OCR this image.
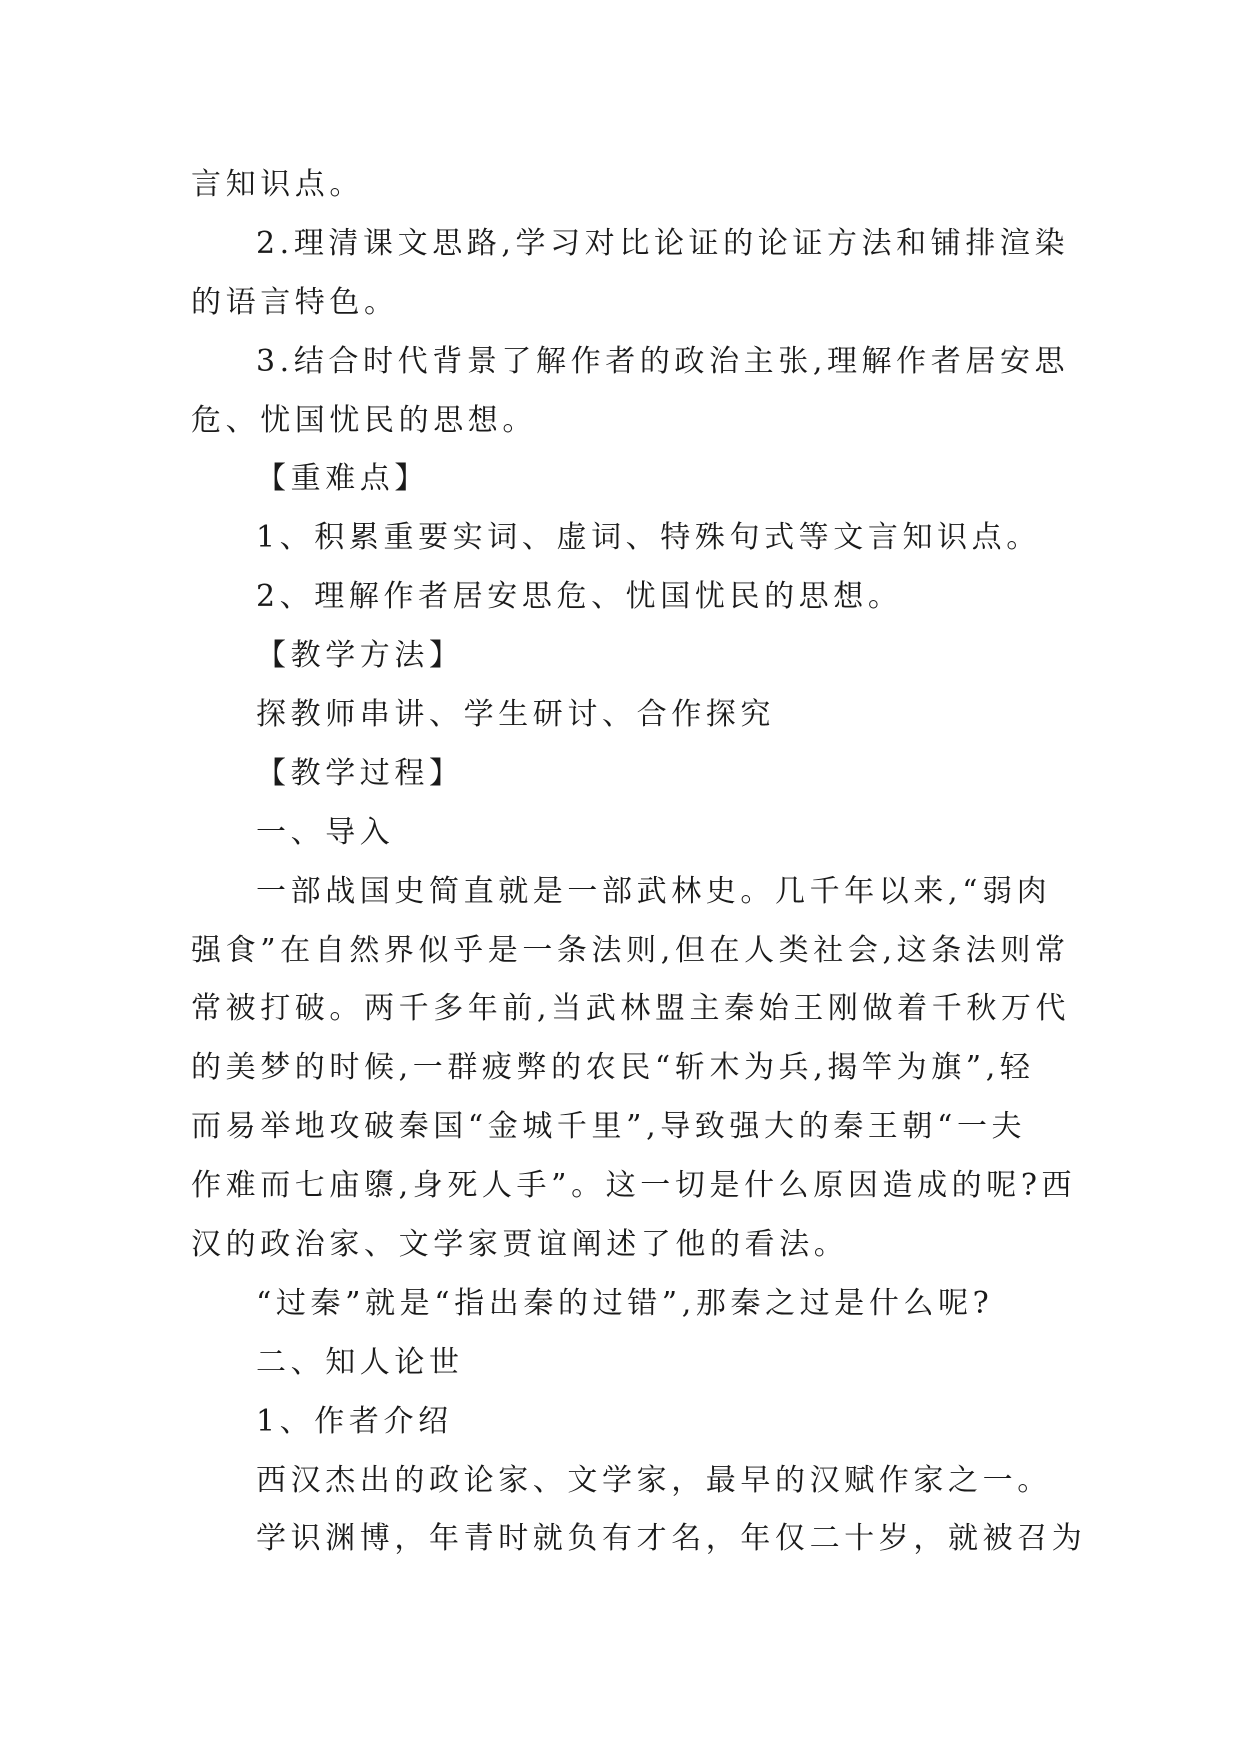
言知识点。
2.理清课文思路,学习对比论证的论证方法和铺排渲染
的语言特色。
3.结合时代背景了解作者的政治主张,理解作者居安思
危、忧国忧民的思想。
【重难点】
1、积累重要实词、虚词、特殊句式等文言知识点。
2、理解作者居安思危、忧国忧民的思想。
【教学方法】
探教师串讲、学生研讨、合作探究
【教学过程】
一、导入
一部战国史简直就是一部武林史。几千年以来,“弱肉
强食”在自然界似乎是一条法则,但在人类社会,这条法则常
常被打破。两千多年前,当武林盟主秦始王刚做着千秋万代
的美梦的时候,一群疲弊的农民“斩木为兵,揭竿为旗”,轻
而易举地攻破秦国“金城千里”,导致强大的秦王朝“一夫
作难而七庙隳,身死人手”。这一切是什么原因造成的呢?西
汉的政治家、文学家贾谊阐述了他的看法。
“过秦”就是“指出秦的过错”,那秦之过是什么呢?
二、知人论世
1、作者介绍
西汉杰出的政论家、文学家，最早的汉赋作家之一。
学识渊博，年青时就负有才名，年仅二十岁，就被召为
